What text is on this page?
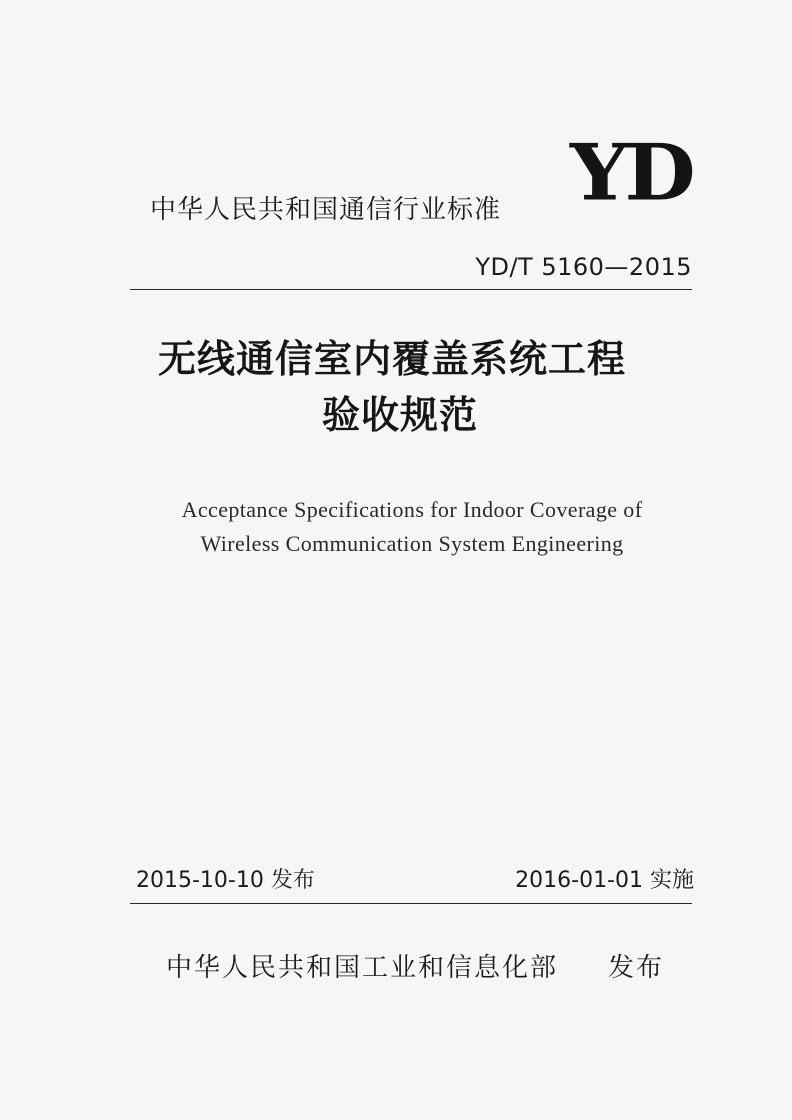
YD
中华人民共和国通信行业标准
YD/T 5160—2015
无线通信室内覆盖系统工程
验收规范
Acceptance Specifications for Indoor Coverage of
Wireless Communication System Engineering
2015-10-10 发布	2016-01-01 实施
中华人民共和国工业和信息化部 发布
